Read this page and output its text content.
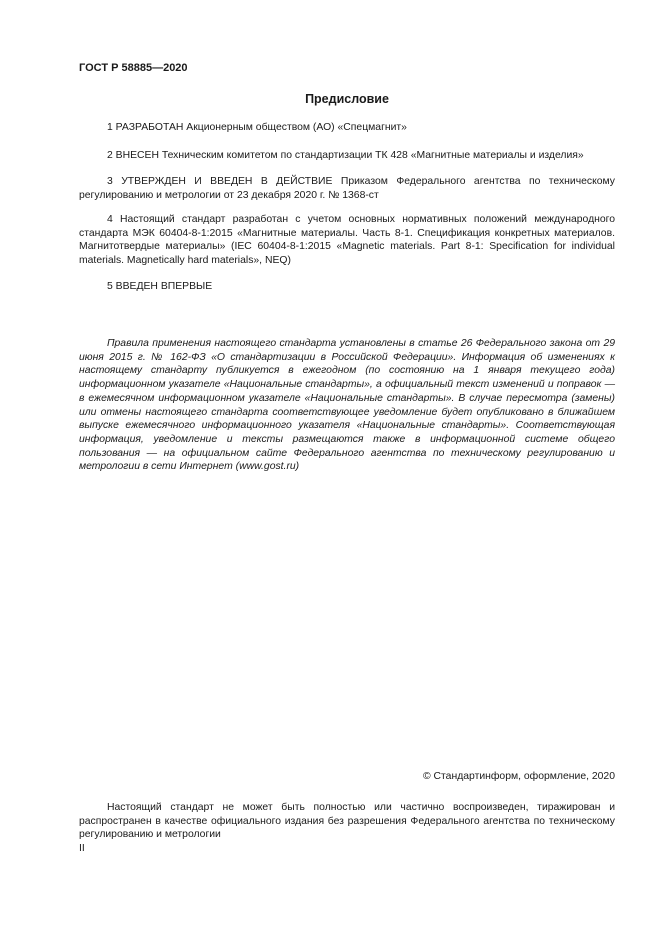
ГОСТ Р 58885—2020
Предисловие
1 РАЗРАБОТАН Акционерным обществом (АО) «Спецмагнит»
2 ВНЕСЕН Техническим комитетом по стандартизации ТК 428 «Магнитные материалы и изделия»
3 УТВЕРЖДЕН И ВВЕДЕН В ДЕЙСТВИЕ Приказом Федерального агентства по техническому регулированию и метрологии от 23 декабря 2020 г. № 1368-ст
4 Настоящий стандарт разработан с учетом основных нормативных положений международного стандарта МЭК 60404-8-1:2015 «Магнитные материалы. Часть 8-1. Спецификация конкретных материалов. Магнитотвердые материалы» (IEC 60404-8-1:2015 «Magnetic materials. Part 8-1: Specification for individual materials. Magnetically hard materials», NEQ)
5 ВВЕДЕН ВПЕРВЫЕ
Правила применения настоящего стандарта установлены в статье 26 Федерального закона от 29 июня 2015 г. № 162-ФЗ «О стандартизации в Российской Федерации». Информация об изменениях к настоящему стандарту публикуется в ежегодном (по состоянию на 1 января текущего года) информационном указателе «Национальные стандарты», а официальный текст изменений и поправок — в ежемесячном информационном указателе «Национальные стандарты». В случае пересмотра (замены) или отмены настоящего стандарта соответствующее уведомление будет опубликовано в ближайшем выпуске ежемесячного информационного указателя «Национальные стандарты». Соответствующая информация, уведомление и тексты размещаются также в информационной системе общего пользования — на официальном сайте Федерального агентства по техническому регулированию и метрологии в сети Интернет (www.gost.ru)
© Стандартинформ, оформление, 2020
Настоящий стандарт не может быть полностью или частично воспроизведен, тиражирован и распространен в качестве официального издания без разрешения Федерального агентства по техническому регулированию и метрологии
II
